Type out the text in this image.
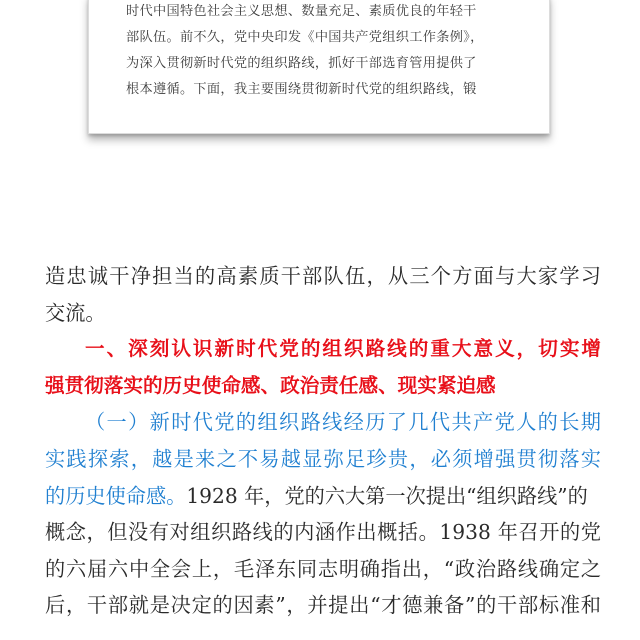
时代中国特色社会主义思想、数量充足、素质优良的年轻干
部队伍。前不久，党中央印发《中国共产党组织工作条例》，
为深入贯彻新时代党的组织路线，抓好干部选育管用提供了
根本遵循。下面，我主要围绕贯彻新时代党的组织路线，锻
造忠诚干净担当的高素质干部队伍，从三个方面与大家学习
交流。
一、深刻认识新时代党的组织路线的重大意义，切实增
强贯彻落实的历史使命感、政治责任感、现实紧迫感
（一）新时代党的组织路线经历了几代共产党人的长期
实践探索，越是来之不易越显弥足珍贵，必须增强贯彻落实
的历史使命感。1928 年，党的六大第一次提出“组织路线”的
概念，但没有对组织路线的内涵作出概括。1938 年召开的党
的六届六中全会上，毛泽东同志明确指出，“政治路线确定之
后，干部就是决定的因素”，并提出“才德兼备”的干部标准和
